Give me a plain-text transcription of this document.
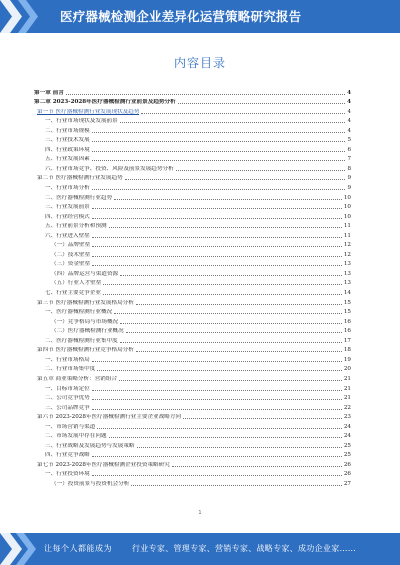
医疗器械检测企业差异化运营策略研究报告
内容目录
第一章 前言	4
第二章 2023-2028年医疗器械检测行业前景及趋势分析	4
第一节 医疗器械检测行业发展现状及趋势	4
一、行业市场现状及发展前景	4
二、行业市场规模	4
三、行业技术发展	5
四、行业政策环境	6
五、行业发展因素	7
六、行业市场竞争、投资、风险及前景发展趋势分析	8
第二节 医疗器械检测行业发展趋势	9
一、行业市场分析	9
二、医疗器械检测行业趋势	10
三、行业发展前景	10
四、行业经营模式	10
五、行业前景分析和预测	11
六、行业进入壁垒	11
（一）品牌壁垒	12
（二）技术壁垒	12
（三）资金壁垒	13
（四）品牌运营与渠道资源	13
（五）行业人才壁垒	13
七、行业主要竞争企业	14
第三节 医疗器械检测行业发展格局分析	15
一、医疗器械检测行业概况	15
（一）竞争格局与市场概况	16
（二）医疗器械检测行业概况	16
二、医疗器械检测行业集中度	17
第四节 医疗器械检测行业竞争格局分析	18
一、行业市场格局	19
二、行业市场集中度	20
第五章 商业策略分析：营销组合	21
一、目标市场定位	21
二、公司竞争优势	21
三、公司品牌竞争	22
第六节 2023-2028年医疗器械检测行业主要企业战略方向	23
一、市场营销与渠道	24
二、市场发展中存在问题	24
三、行业战略及发展趋势与发展策略	25
四、行业竞争战略	25
第七节 2023-2028年医疗器械检测企业投资策略研究	26
一、行业投资环境	26
（一）投资前景与投资机会分析	27
1
让每个人都能成为	行业专家、管理专家、营销专家、战略专家、成功企业家……
